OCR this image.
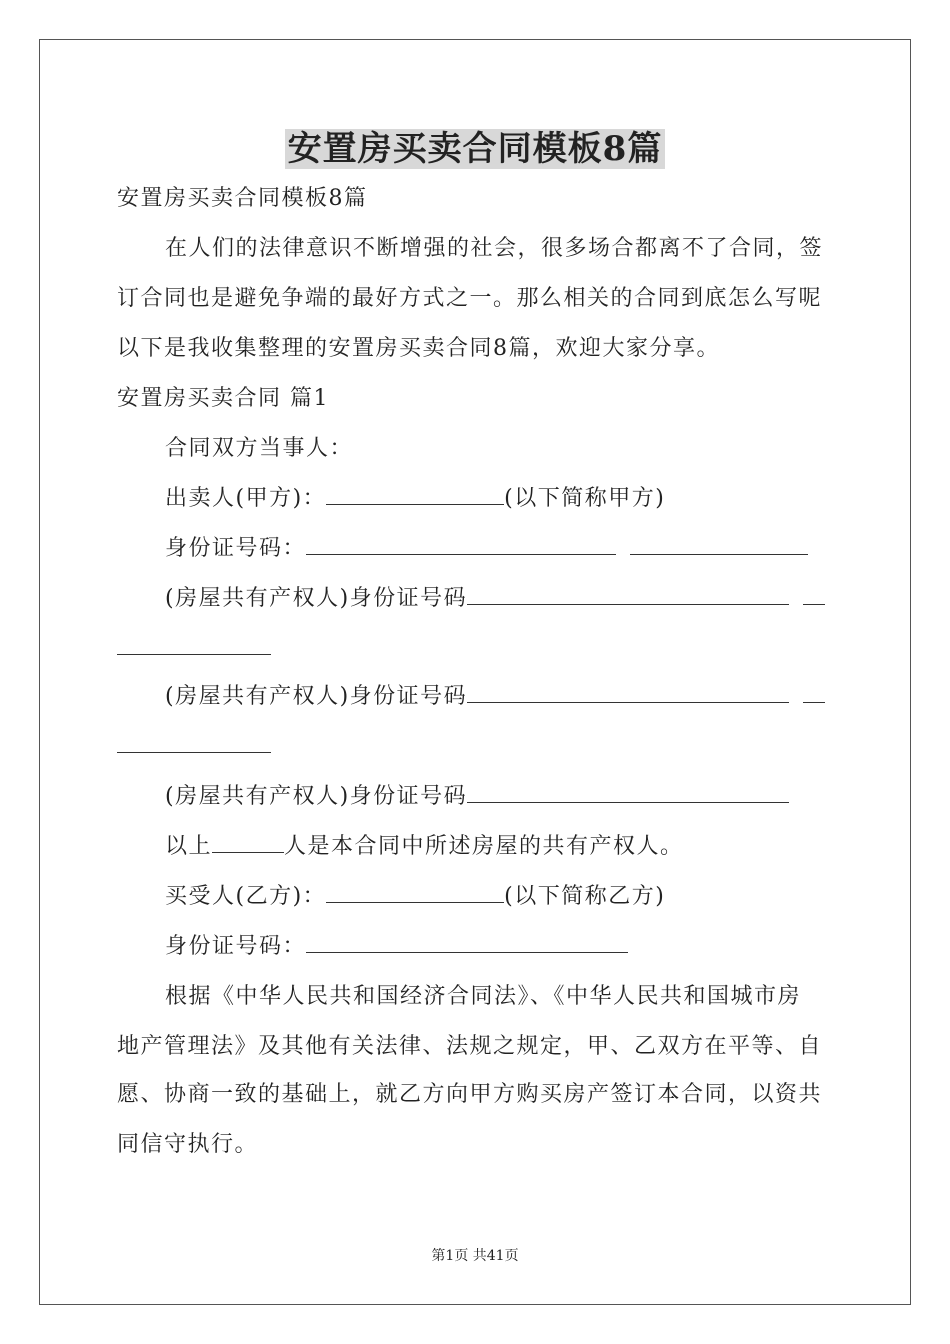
安置房买卖合同模板8篇
安置房买卖合同模板8篇
在人们的法律意识不断增强的社会，很多场合都离不了合同，签
订合同也是避免争端的最好方式之一。那么相关的合同到底怎么写呢
以下是我收集整理的安置房买卖合同8篇，欢迎大家分享。
安置房买卖合同 篇1
合同双方当事人：
出卖人(甲方)：	(以下简称甲方)
身份证号码：
(房屋共有产权人)身份证号码
(房屋共有产权人)身份证号码
(房屋共有产权人)身份证号码
以上	人是本合同中所述房屋的共有产权人。
买受人(乙方)：	(以下简称乙方)
身份证号码：
根据《中华人民共和国经济合同法》、《中华人民共和国城市房
地产管理法》及其他有关法律、法规之规定，甲、乙双方在平等、自
愿、协商一致的基础上，就乙方向甲方购买房产签订本合同，以资共
同信守执行。
第1页 共41页
